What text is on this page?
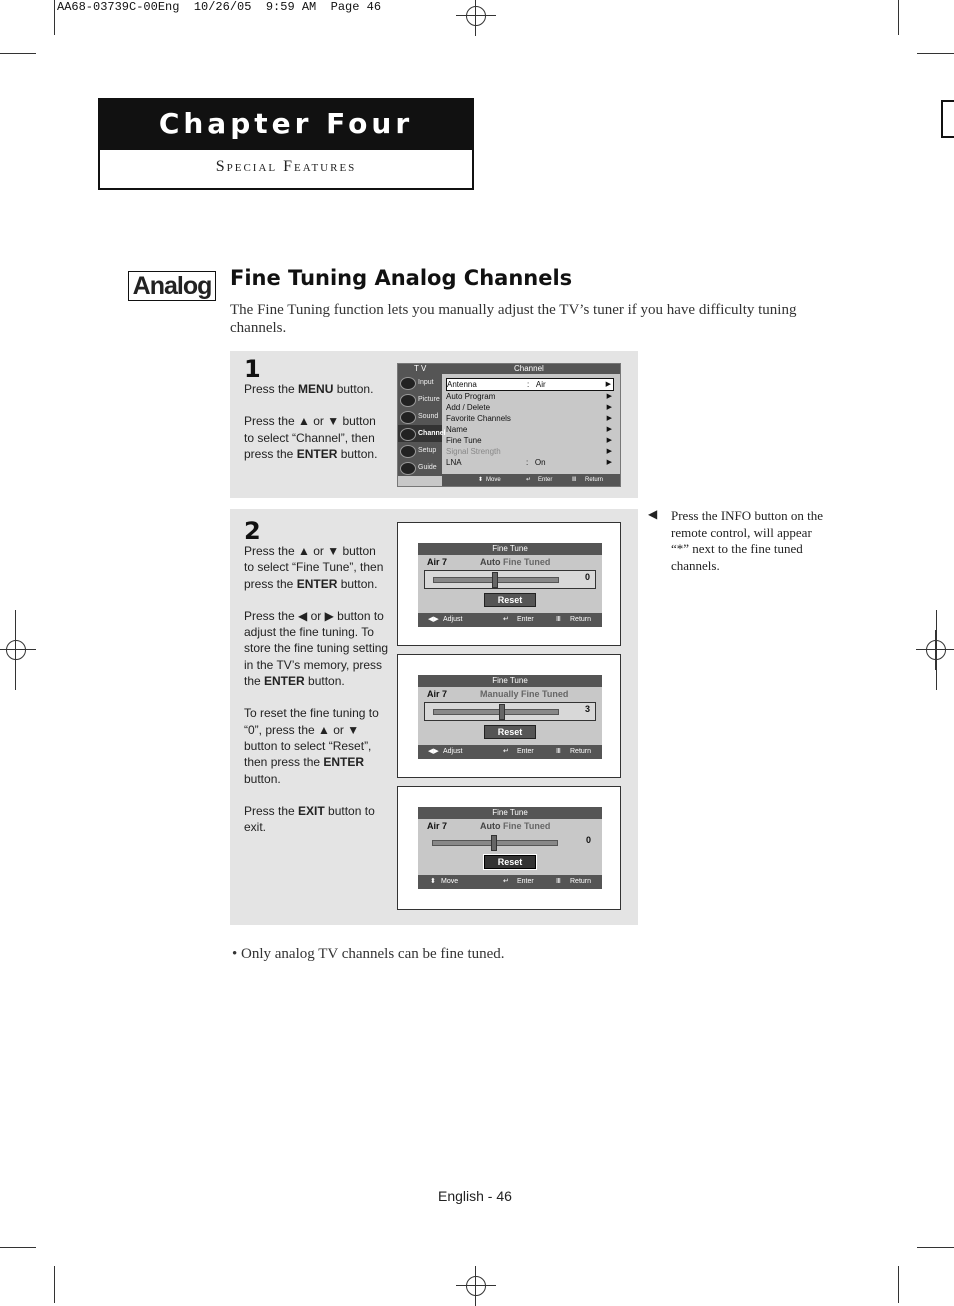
AA68-03739C-00Eng  10/26/05  9:59 AM  Page 46
Chapter Four
Special Features
Analog Fine Tuning Analog Channels
The Fine Tuning function lets you manually adjust the TV’s tuner if you have difficulty tuning channels.
1

Press the MENU button.

Press the ▲ or ▼ button to select “Channel”, then press the ENTER button.

T V	Channel
Input
Picture
Sound
Channel
Setup
Guide
Antenna	: Air	▶
Auto Program	▶
Add / Delete	▶
Favorite Channels	▶
Name	▶
Fine Tune	▶
Signal Strength	▶
LNA	: On	▶
⬍ Move	↵ Enter	Ⅲ Return
2

Press the ▲ or ▼ button to select “Fine Tune”, then press the ENTER button.

Press the ◀ or ▶ button to adjust the fine tuning. To store the fine tuning setting in the TV’s memory, press the ENTER button.

To reset the fine tuning to “0”, press the ▲ or ▼ button to select “Reset”, then press the ENTER button.

Press the EXIT button to exit.

Fine Tune
Air 7	Auto Fine Tuned
0
Reset
◀▶ Adjust	↵ Enter	Ⅲ Return
Fine Tune
Air 7	Manually Fine Tuned
3
Reset
◀▶ Adjust	↵ Enter	Ⅲ Return
Fine Tune
Air 7	Auto Fine Tuned
0
Reset
⬍ Move	↵ Enter	Ⅲ Return
◀ Press the INFO button on the remote control, will appear “*” next to the fine tuned channels.
• Only analog TV channels can be fine tuned.
English - 46
